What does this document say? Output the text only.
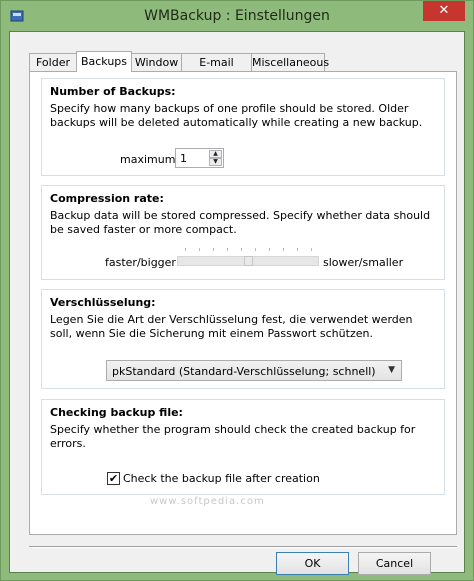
WMBackup : Einstellungen	✕
Folder Backups Window	E-mail	Miscellaneous
Number of Backups:

Specify how many backups of one profile should be stored. Older backups will be deleted automatically while creating a new backup.

maximum 1	▲
▼
Compression rate:

Backup data will be stored compressed. Specify whether data should be saved faster or more compact.

faster/bigger	slower/smaller
Verschlüsselung:

Legen Sie die Art der Verschlüsselung fest, die verwendet werden soll, wenn Sie die Sicherung mit einem Passwort schützen.

pkStandard (Standard-Verschlüsselung; schnell) ▼
Checking backup file:

Specify whether the program should check the created backup for errors.

✔ Check the backup file after creation
www.softpedia.com
OK	Cancel
